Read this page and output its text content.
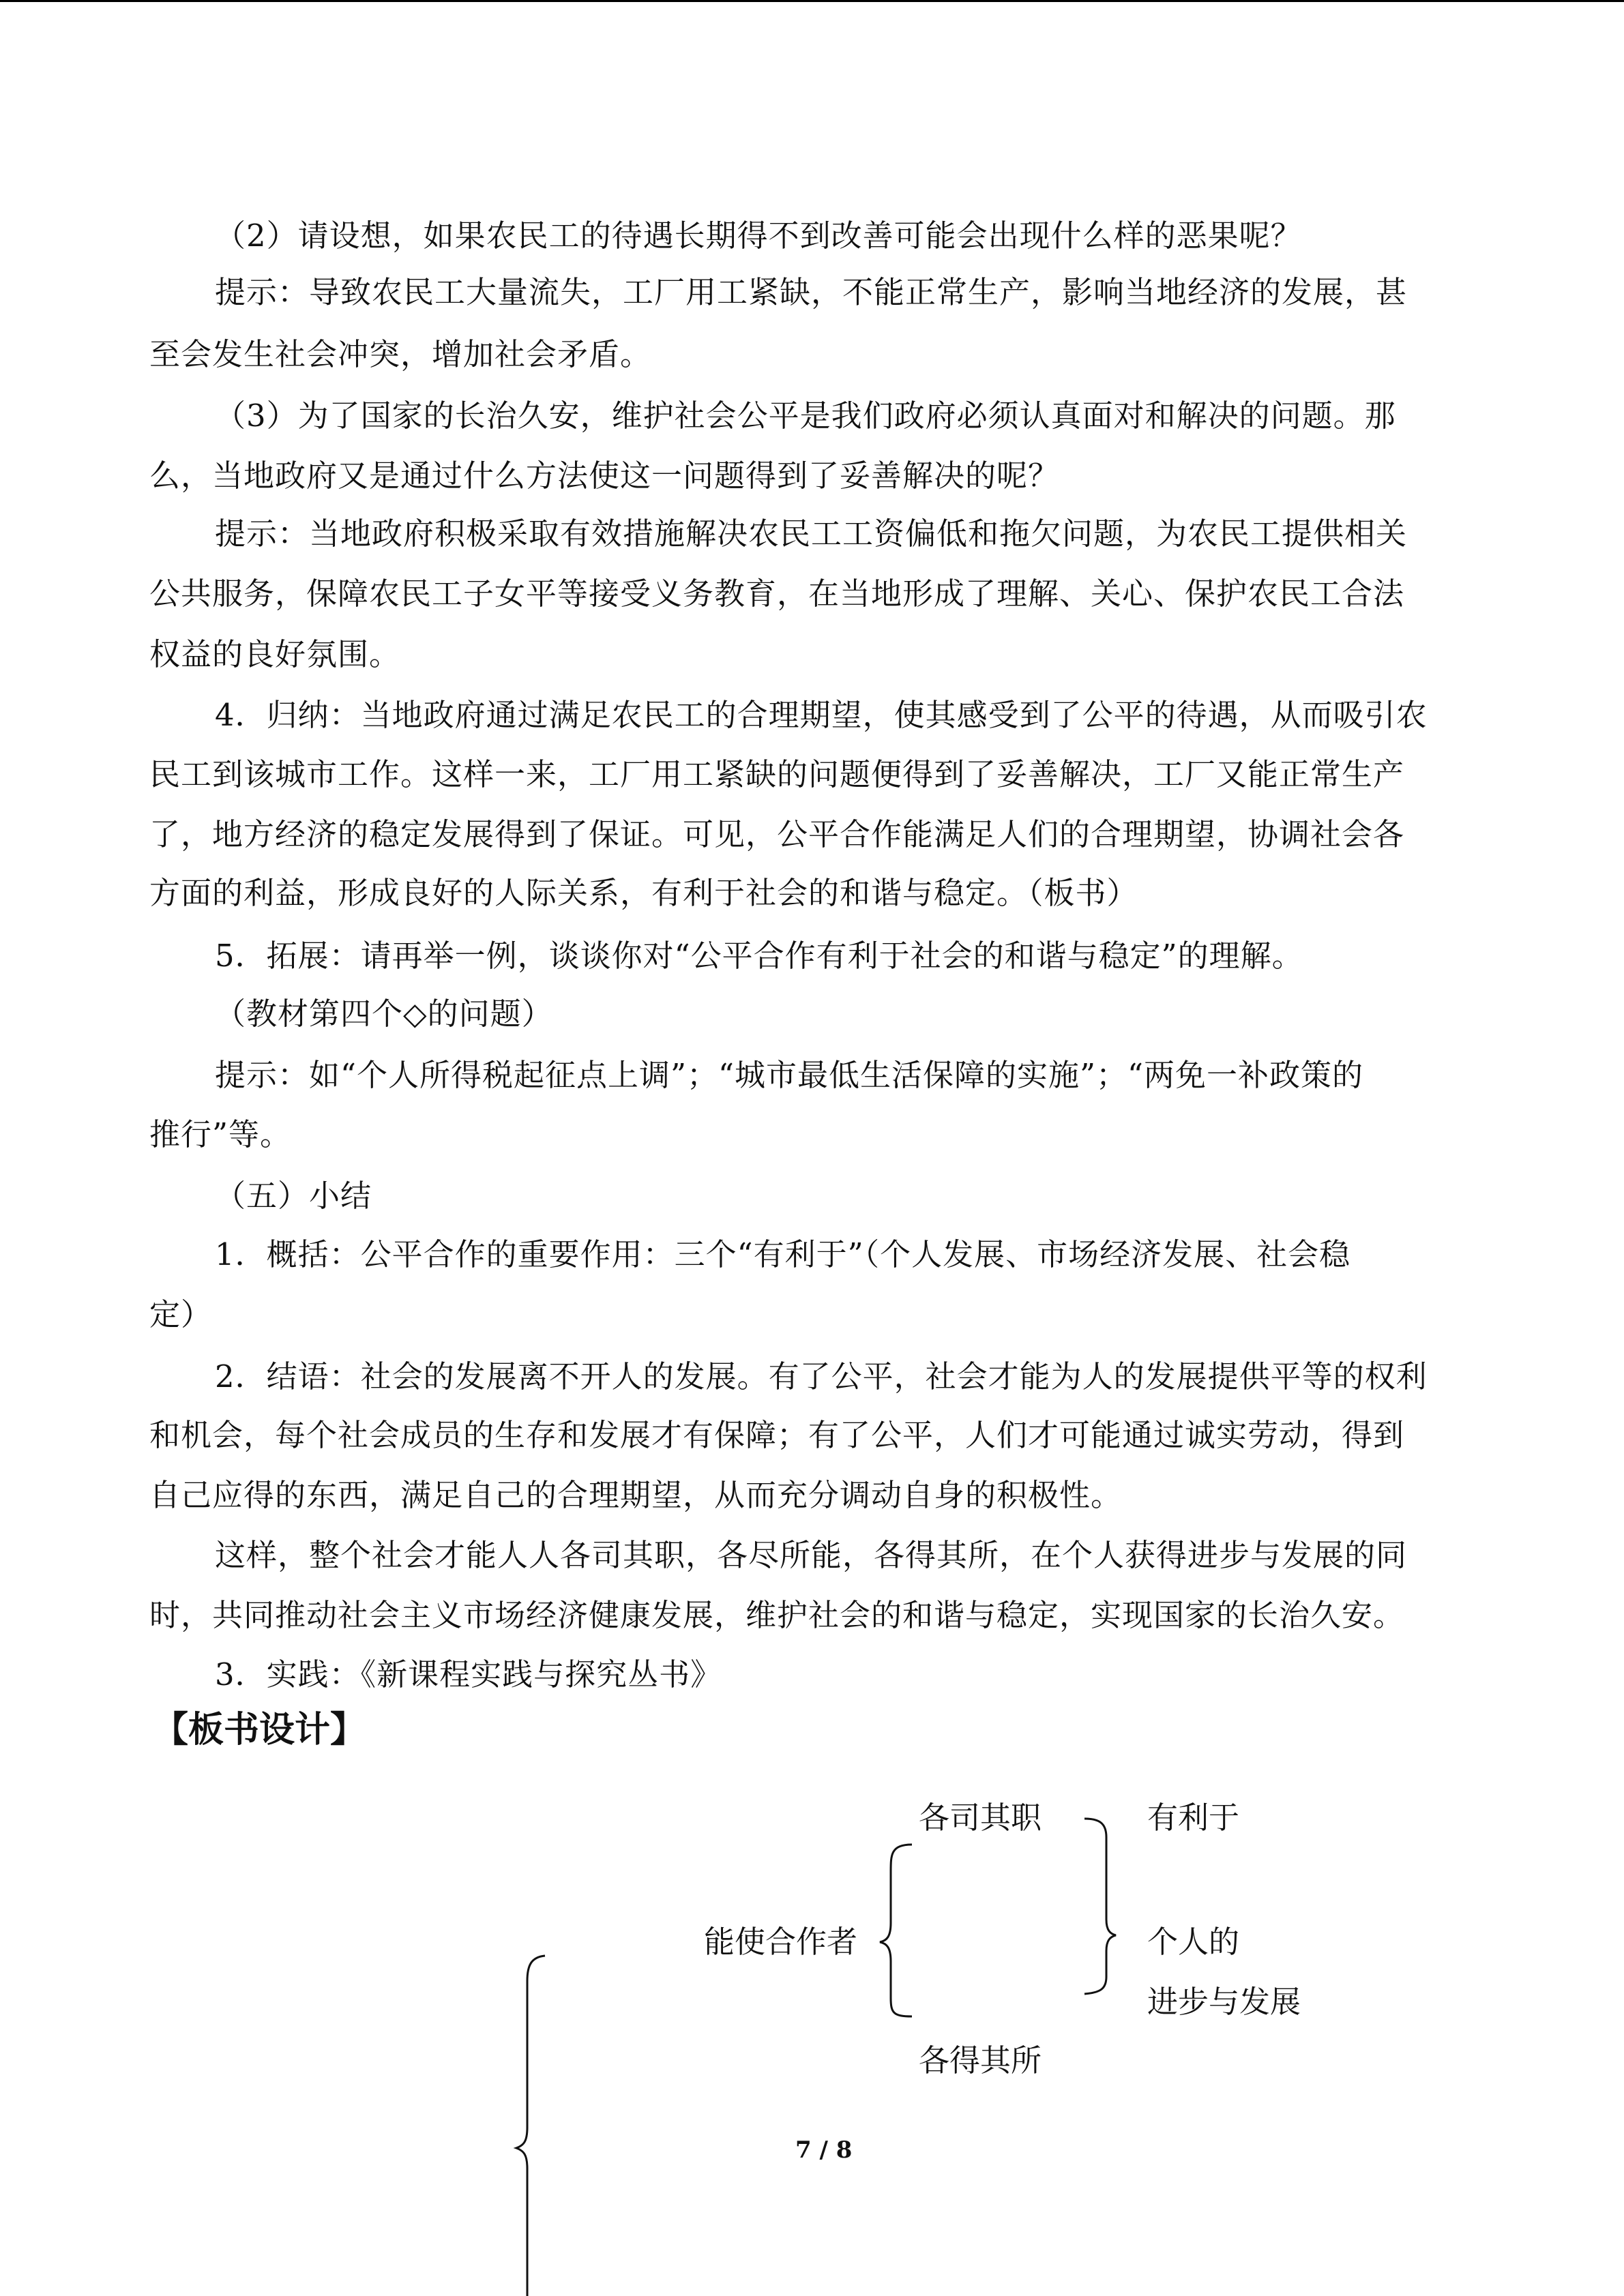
（2）请设想，如果农民工的待遇长期得不到改善可能会出现什么样的恶果呢？
提示：导致农民工大量流失，工厂用工紧缺，不能正常生产，影响当地经济的发展，甚
至会发生社会冲突，增加社会矛盾。
（3）为了国家的长治久安，维护社会公平是我们政府必须认真面对和解决的问题。那
么，当地政府又是通过什么方法使这一问题得到了妥善解决的呢？
提示：当地政府积极采取有效措施解决农民工工资偏低和拖欠问题，为农民工提供相关
公共服务，保障农民工子女平等接受义务教育，在当地形成了理解、关心、保护农民工合法
权益的良好氛围。
4．归纳：当地政府通过满足农民工的合理期望，使其感受到了公平的待遇，从而吸引农
民工到该城市工作。这样一来，工厂用工紧缺的问题便得到了妥善解决，工厂又能正常生产
了，地方经济的稳定发展得到了保证。可见，公平合作能满足人们的合理期望，协调社会各
方面的利益，形成良好的人际关系，有利于社会的和谐与稳定。（板书）
5．拓展：请再举一例，谈谈你对“公平合作有利于社会的和谐与稳定”的理解。
（教材第四个◇的问题）
提示：如“个人所得税起征点上调”；“城市最低生活保障的实施”；“两免一补政策的
推行”等。
（五）小结
1．概括：公平合作的重要作用：三个“有利于”（个人发展、市场经济发展、社会稳
定）
2．结语：社会的发展离不开人的发展。有了公平，社会才能为人的发展提供平等的权利
和机会，每个社会成员的生存和发展才有保障；有了公平，人们才可能通过诚实劳动，得到
自己应得的东西，满足自己的合理期望，从而充分调动自身的积极性。
这样，整个社会才能人人各司其职，各尽所能，各得其所，在个人获得进步与发展的同
时，共同推动社会主义市场经济健康发展，维护社会的和谐与稳定，实现国家的长治久安。
3．实践：《新课程实践与探究丛书》
【板书设计】
各司其职
能使合作者
各得其所
有利于
个人的
进步与发展
7 / 8
